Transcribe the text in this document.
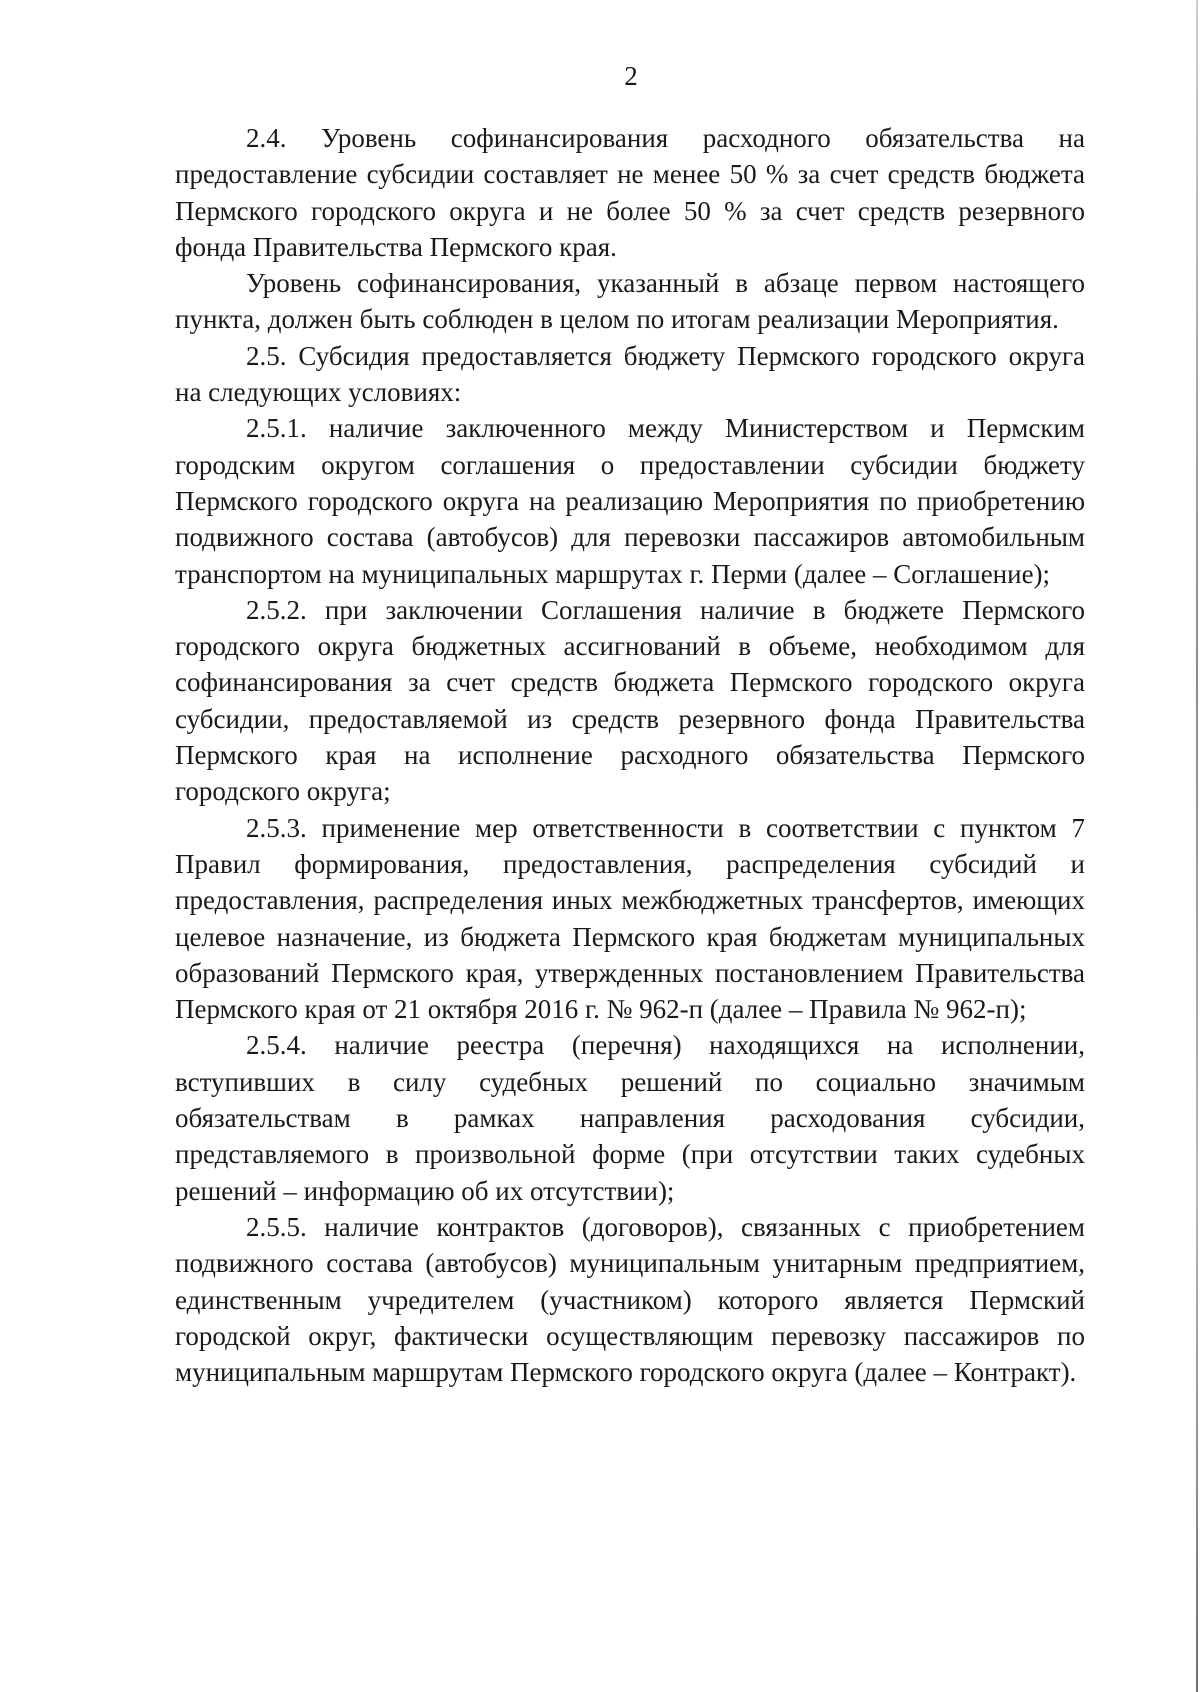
2

2.4. Уровень софинансирования расходного обязательства на предоставление субсидии составляет не менее 50 % за счет средств бюджета Пермского городского округа и не более 50 % за счет средств резервного фонда Правительства Пермского края.

Уровень софинансирования, указанный в абзаце первом настоящего пункта, должен быть соблюден в целом по итогам реализации Мероприятия.

2.5. Субсидия предоставляется бюджету Пермского городского округа на следующих условиях:

2.5.1. наличие заключенного между Министерством и Пермским городским округом соглашения о предоставлении субсидии бюджету Пермского городского округа на реализацию Мероприятия по приобретению подвижного состава (автобусов) для перевозки пассажиров автомобильным транспортом на муниципальных маршрутах г. Перми (далее – Соглашение);

2.5.2. при заключении Соглашения наличие в бюджете Пермского городского округа бюджетных ассигнований в объеме, необходимом для софинансирования за счет средств бюджета Пермского городского округа субсидии, предоставляемой из средств резервного фонда Правительства Пермского края на исполнение расходного обязательства Пермского городского округа;

2.5.3. применение мер ответственности в соответствии с пунктом 7 Правил формирования, предоставления, распределения субсидий и предоставления, распределения иных межбюджетных трансфертов, имеющих целевое назначение, из бюджета Пермского края бюджетам муниципальных образований Пермского края, утвержденных постановлением Правительства Пермского края от 21 октября 2016 г. № 962-п (далее – Правила № 962-п);

2.5.4. наличие реестра (перечня) находящихся на исполнении, вступивших в силу судебных решений по социально значимым обязательствам в рамках направления расходования субсидии, представляемого в произвольной форме (при отсутствии таких судебных решений – информацию об их отсутствии);

2.5.5. наличие контрактов (договоров), связанных с приобретением подвижного состава (автобусов) муниципальным унитарным предприятием, единственным учредителем (участником) которого является Пермский городской округ, фактически осуществляющим перевозку пассажиров по муниципальным маршрутам Пермского городского округа (далее – Контракт).
